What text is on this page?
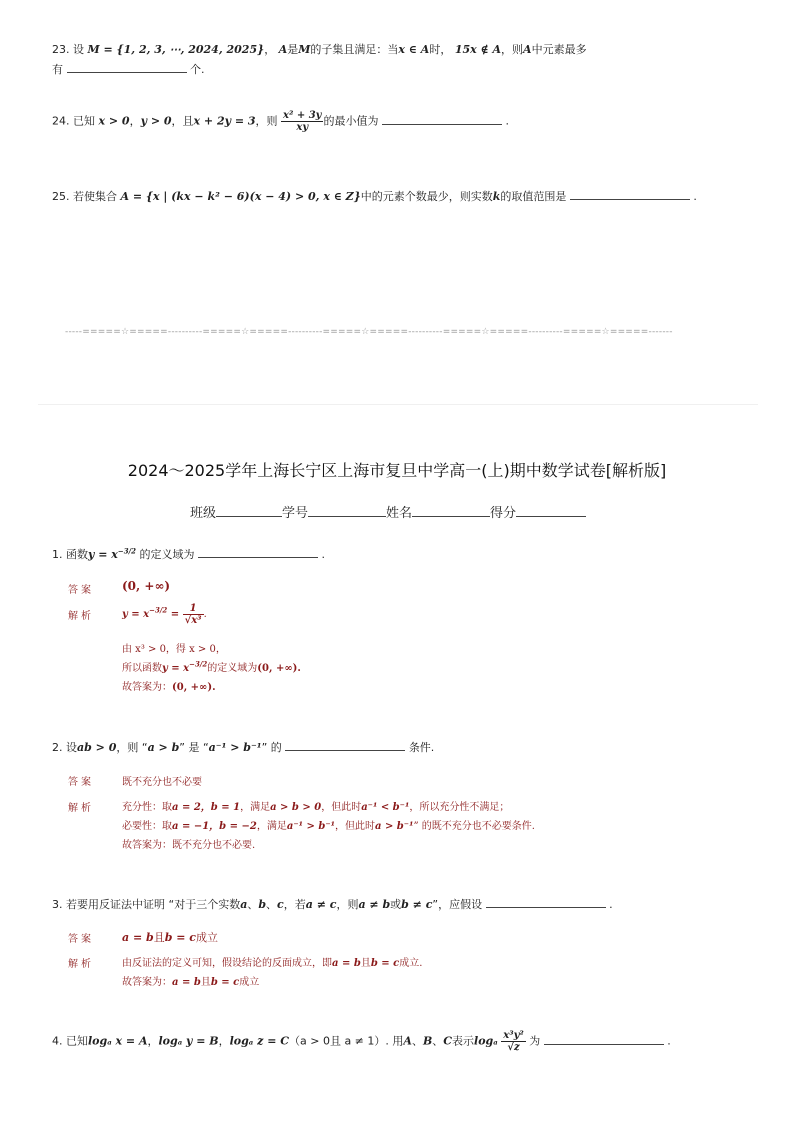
23. 设 M = {1, 2, 3, ⋯, 2024, 2025}， A是M的子集且满足：当x ∈ A时， 15x ∉ A，则A中元素最多
有	个.
24. 已知 x > 0，y > 0，且x + 2y = 3，则 $\frac{\text{x² + 3y}}{xy}$ 的最小值为	.
25. 若使集合 A = {x | (kx − k² − 6)(x − 4) > 0, x ∈ Z}中的元素个数最少，则实数k的取值范围是	.
-----=====☆=====----------=====☆=====----------=====☆=====----------=====☆=====----------=====☆=====-------
2024～2025学年上海长宁区上海市复旦中学高一(上)期中数学试卷[解析版]
班级	学号	姓名	得分
1. 函数$y = x^{-3/2}$ 的定义域为	.
答案 (0, +∞)
解析	$y = x^{-3/2} = \frac{1}{\text{√x³}}$ .
由 x³ > 0，得 x > 0，
所以函数$y = x^{-3/2}$的定义域为(0, +∞).
故答案为：(0, +∞).
2. 设ab > 0，则 “a > b” 是 “a⁻¹ > b⁻¹” 的	条件.
答案	既不充分也不必要
解析	充分性：取a = 2，b = 1，满足a > b > 0，但此时a⁻¹ < b⁻¹，所以充分性不满足；
必要性：取a = −1，b = −2，满足a⁻¹ > b⁻¹，但此时a > b⁻¹” 的既不充分也不必要条件.
故答案为：既不充分也不必要.
3. 若要用反证法中证明 “对于三个实数a、b、c，若a ≠ c，则a ≠ b或b ≠ c”，应假设	.
答案	a = b且b = c成立
解析	由反证法的定义可知，假设结论的反面成立，即a = b且b = c成立.
故答案为：a = b且b = c成立
4. 已知logₐ x = A，logₐ y = B，logₐ z = C（a > 0且 a ≠ 1）. 用A、B、C表示logₐ $\frac{\text{x³y²}}{√z}$ 为	.
